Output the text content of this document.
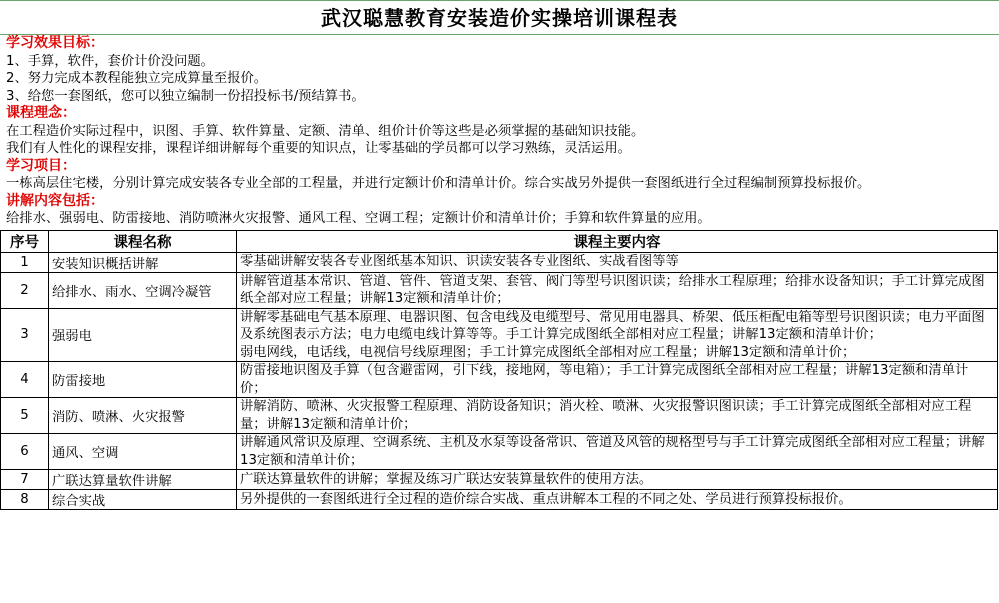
武汉聪慧教育安装造价实操培训课程表
学习效果目标：
1、手算，软件，套价计价没问题。
2、努力完成本教程能独立完成算量至报价。
3、给您一套图纸，您可以独立编制一份招投标书/预结算书。
课程理念：
在工程造价实际过程中，识图、手算、软件算量、定额、清单、组价计价等这些是必须掌握的基础知识技能。
我们有人性化的课程安排，课程详细讲解每个重要的知识点，让零基础的学员都可以学习熟练，灵活运用。
学习项目：
一栋高层住宅楼，分别计算完成安装各专业全部的工程量，并进行定额计价和清单计价。综合实战另外提供一套图纸进行全过程编制预算投标报价。
讲解内容包括：
给排水、强弱电、防雷接地、消防喷淋火灾报警、通风工程、空调工程；定额计价和清单计价；手算和软件算量的应用。
序号	课程名称	课程主要内容
1	安装知识概括讲解	零基础讲解安装各专业图纸基本知识、识读安装各专业图纸、实战看图等等

2	给排水、雨水、空调冷凝管	讲解管道基本常识、管道、管件、管道支架、套管、阀门等型号识图识读；给排水工程原理；给排水设备知识；手工计算完成图纸全部对应工程量；讲解13定额和清单计价；

3	强弱电	讲解零基础电气基本原理、电器识图、包含电线及电缆型号、常见用电器具、桥架、低压柜配电箱等型号识图识读；电力平面图及系统图表示方法；电力电缆电线计算等等。手工计算完成图纸全部相对应工程量；讲解13定额和清单计价；
弱电网线，电话线，电视信号线原理图；手工计算完成图纸全部相对应工程量；讲解13定额和清单计价；

4	防雷接地	防雷接地识图及手算（包含避雷网，引下线，接地网，等电箱）；手工计算完成图纸全部相对应工程量；讲解13定额和清单计价；

5	消防、喷淋、火灾报警	讲解消防、喷淋、火灾报警工程原理、消防设备知识；消火栓、喷淋、火灾报警识图识读；手工计算完成图纸全部相对应工程量；讲解13定额和清单计价；

6	通风、空调	讲解通风常识及原理、空调系统、主机及水泵等设备常识、管道及风管的规格型号与手工计算完成图纸全部相对应工程量；讲解13定额和清单计价；

7	广联达算量软件讲解	广联达算量软件的讲解；掌握及练习广联达安装算量软件的使用方法。

8	综合实战	另外提供的一套图纸进行全过程的造价综合实战、重点讲解本工程的不同之处、学员进行预算投标报价。
